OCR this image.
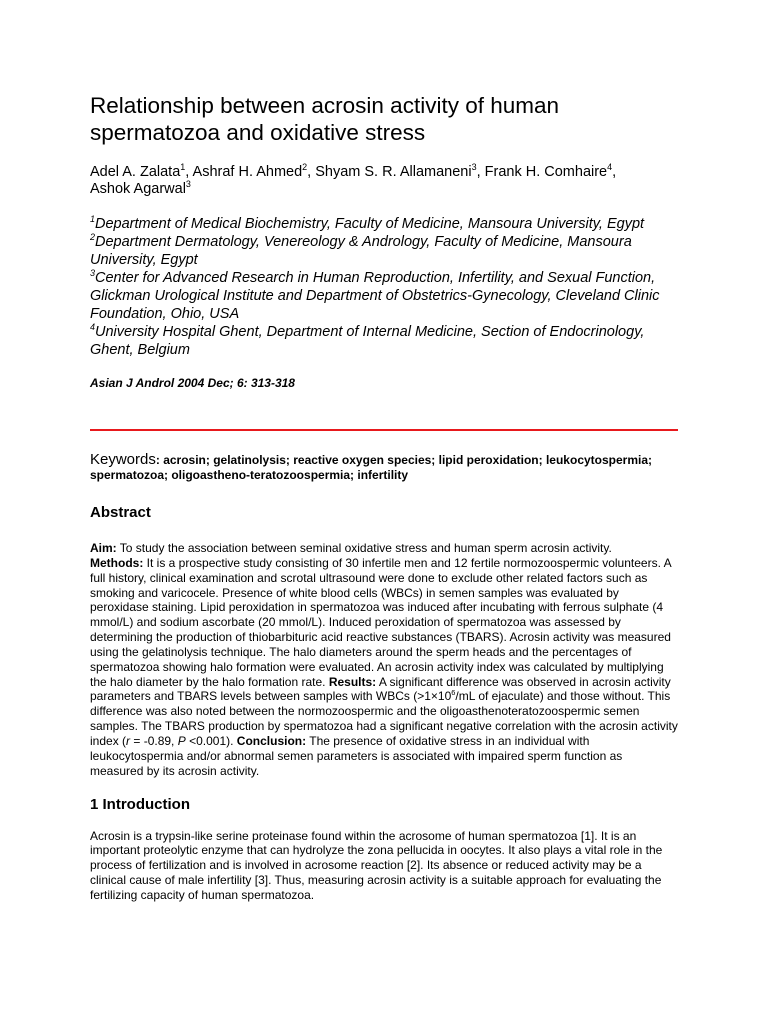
Relationship between acrosin activity of human spermatozoa and oxidative stress
Adel A. Zalata$^1$, Ashraf H. Ahmed$^2$, Shyam S. R. Allamaneni$^3$, Frank H. Comhaire$^4$,
Ashok Agarwal$^3$
$^1$Department of Medical Biochemistry, Faculty of Medicine, Mansoura University, Egypt
$^2$Department Dermatology, Venereology & Andrology, Faculty of Medicine, Mansoura University, Egypt
$^3$Center for Advanced Research in Human Reproduction, Infertility, and Sexual Function, Glickman Urological Institute and Department of Obstetrics-Gynecology, Cleveland Clinic Foundation, Ohio, USA
$^4$University Hospital Ghent, Department of Internal Medicine, Section of Endocrinology, Ghent, Belgium
Asian J Androl 2004 Dec; 6: 313-318
Keywords: acrosin; gelatinolysis; reactive oxygen species; lipid peroxidation; leukocytospermia; spermatozoa; oligoastheno-teratozoospermia; infertility
Abstract
Aim: To study the association between seminal oxidative stress and human sperm acrosin activity.
Methods: It is a prospective study consisting of 30 infertile men and 12 fertile normozoospermic volunteers. A full history, clinical examination and scrotal ultrasound were done to exclude other related factors such as smoking and varicocele. Presence of white blood cells (WBCs) in semen samples was evaluated by peroxidase staining. Lipid peroxidation in spermatozoa was induced after incubating with ferrous sulphate (4 mmol/L) and sodium ascorbate (20 mmol/L). Induced peroxidation of spermatozoa was assessed by determining the production of thiobarbituric acid reactive substances (TBARS). Acrosin activity was measured using the gelatinolysis technique. The halo diameters around the sperm heads and the percentages of spermatozoa showing halo formation were evaluated. An acrosin activity index was calculated by multiplying the halo diameter by the halo formation rate. Results: A significant difference was observed in acrosin activity parameters and TBARS levels between samples with WBCs ($>1\times 10^6/mL$ of ejaculate) and those without. This difference was also noted between the normozoospermic and the oligoasthenoteratozoospermic semen samples. The TBARS production by spermatozoa had a significant negative correlation with the acrosin activity index (r = -0.89, P <0.001). Conclusion: The presence of oxidative stress in an individual with leukocytospermia and/or abnormal semen parameters is associated with impaired sperm function as measured by its acrosin activity.
1 Introduction
Acrosin is a trypsin-like serine proteinase found within the acrosome of human spermatozoa [1]. It is an important proteolytic enzyme that can hydrolyze the zona pellucida in oocytes. It also plays a vital role in the process of fertilization and is involved in acrosome reaction [2]. Its absence or reduced activity may be a clinical cause of male infertility [3]. Thus, measuring acrosin activity is a suitable approach for evaluating the fertilizing capacity of human spermatozoa.
